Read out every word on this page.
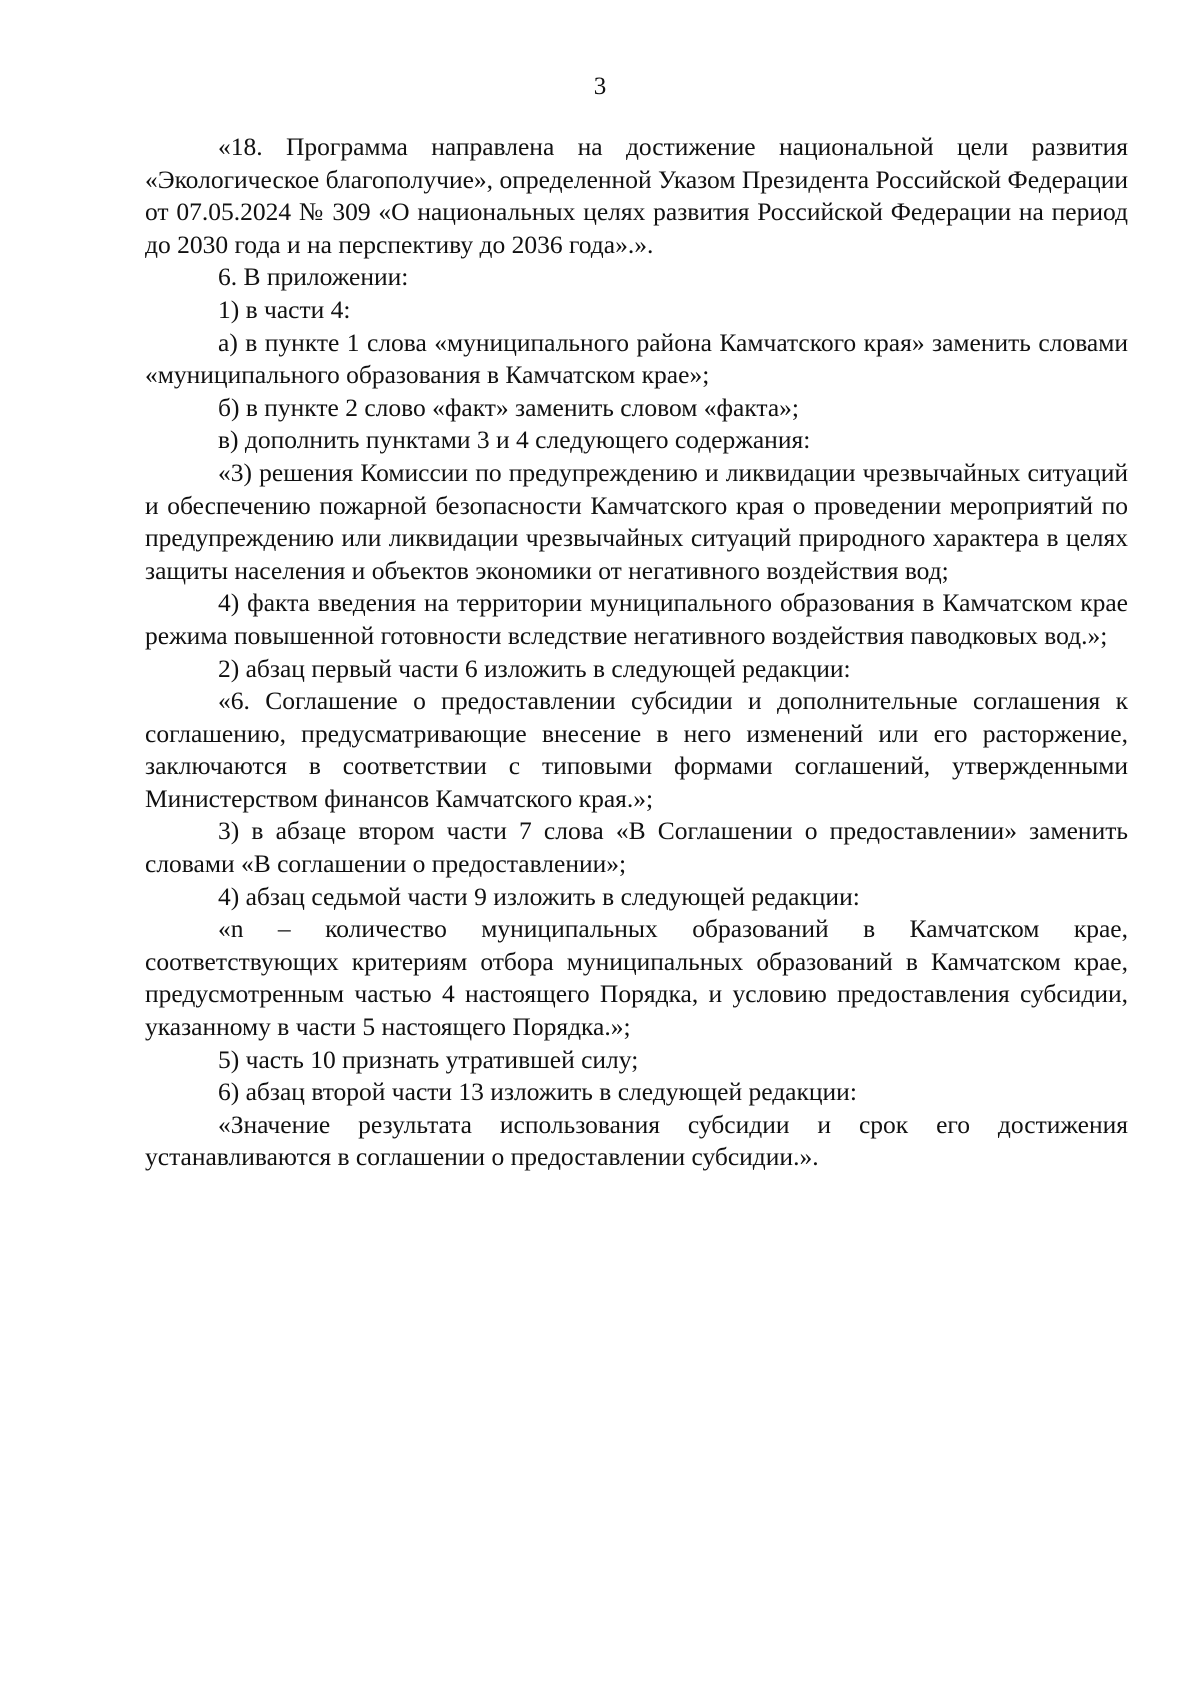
3

«18. Программа направлена на достижение национальной цели развития «Экологическое благополучие», определенной Указом Президента Российской Федерации от 07.05.2024 № 309 «О национальных целях развития Российской Федерации на период до 2030 года и на перспективу до 2036 года».».

6. В приложении:

1) в части 4:

а) в пункте 1 слова «муниципального района Камчатского края» заменить словами «муниципального образования в Камчатском крае»;

б) в пункте 2 слово «факт» заменить словом «факта»;

в) дополнить пунктами 3 и 4 следующего содержания:

«3) решения Комиссии по предупреждению и ликвидации чрезвычайных ситуаций и обеспечению пожарной безопасности Камчатского края о проведении мероприятий по предупреждению или ликвидации чрезвычайных ситуаций природного характера в целях защиты населения и объектов экономики от негативного воздействия вод;

4) факта введения на территории муниципального образования в Камчатском крае режима повышенной готовности вследствие негативного воздействия паводковых вод.»;

2) абзац первый части 6 изложить в следующей редакции:

«6. Соглашение о предоставлении субсидии и дополнительные соглашения к соглашению, предусматривающие внесение в него изменений или его расторжение, заключаются в соответствии с типовыми формами соглашений, утвержденными Министерством финансов Камчатского края.»;

3) в абзаце втором части 7 слова «В Соглашении о предоставлении» заменить словами «В соглашении о предоставлении»;

4) абзац седьмой части 9 изложить в следующей редакции:

«n – количество муниципальных образований в Камчатском крае, соответствующих критериям отбора муниципальных образований в Камчатском крае, предусмотренным частью 4 настоящего Порядка, и условию предоставления субсидии, указанному в части 5 настоящего Порядка.»;

5) часть 10 признать утратившей силу;

6) абзац второй части 13 изложить в следующей редакции:

«Значение результата использования субсидии и срок его достижения устанавливаются в соглашении о предоставлении субсидии.».
